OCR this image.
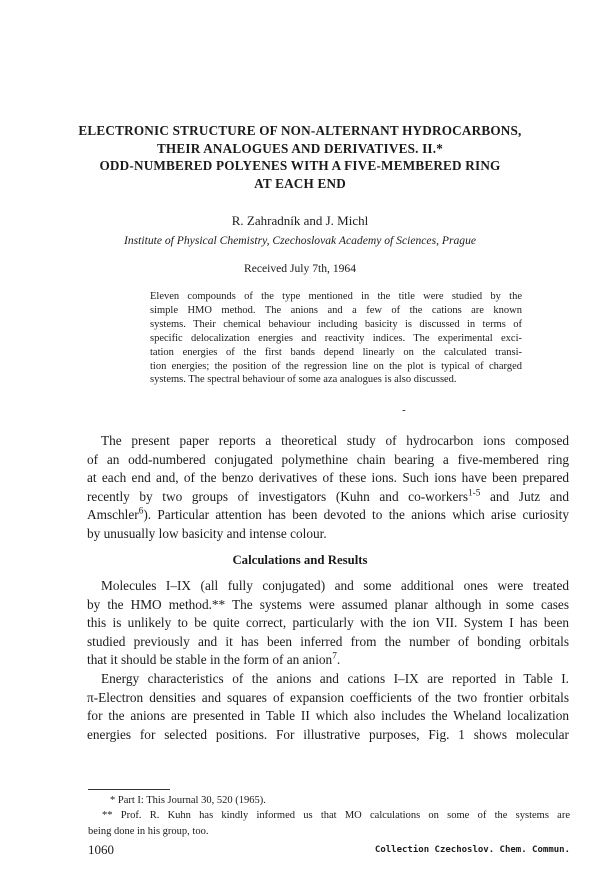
ELECTRONIC STRUCTURE OF NON-ALTERNANT HYDROCARBONS,
THEIR ANALOGUES AND DERIVATIVES. II.*
ODD-NUMBERED POLYENES WITH A FIVE-MEMBERED RING
AT EACH END
R. Zahradník and J. Michl
Institute of Physical Chemistry, Czechoslovak Academy of Sciences, Prague
Received July 7th, 1964
Eleven compounds of the type mentioned in the title were studied by the
simple HMO method. The anions and a few of the cations are known
systems. Their chemical behaviour including basicity is discussed in terms of
specific delocalization energies and reactivity indices. The experimental exci-
tation energies of the first bands depend linearly on the calculated transi-
tion energies; the position of the regression line on the plot is typical of charged
systems. The spectral behaviour of some aza analogues is also discussed.
-
The present paper reports a theoretical study of hydrocarbon ions composed
of an odd-numbered conjugated polymethine chain bearing a five-membered ring
at each end and, of the benzo derivatives of these ions. Such ions have been prepared
recently by two groups of investigators (Kuhn and co-workers$^{1-5}$ and Jutz and
Amschler$^6$). Particular attention has been devoted to the anions which arise curiosity
by unusually low basicity and intense colour.
Calculations and Results
Molecules I–IX (all fully conjugated) and some additional ones were treated
by the HMO method.** The systems were assumed planar although in some cases
this is unlikely to be quite correct, particularly with the ion VII. System I has been
studied previously and it has been inferred from the number of bonding orbitals
that it should be stable in the form of an anion$^7$.
Energy characteristics of the anions and cations I–IX are reported in Table I.
π-Electron densities and squares of expansion coefficients of the two frontier orbitals
for the anions are presented in Table II which also includes the Wheland localization
energies for selected positions. For illustrative purposes, Fig. 1 shows molecular
* Part I: This Journal 30, 520 (1965).
** Prof. R. Kuhn has kindly informed us that MO calculations on some of the systems are
being done in his group, too.
1060	Collection Czechoslov. Chem. Commun.
